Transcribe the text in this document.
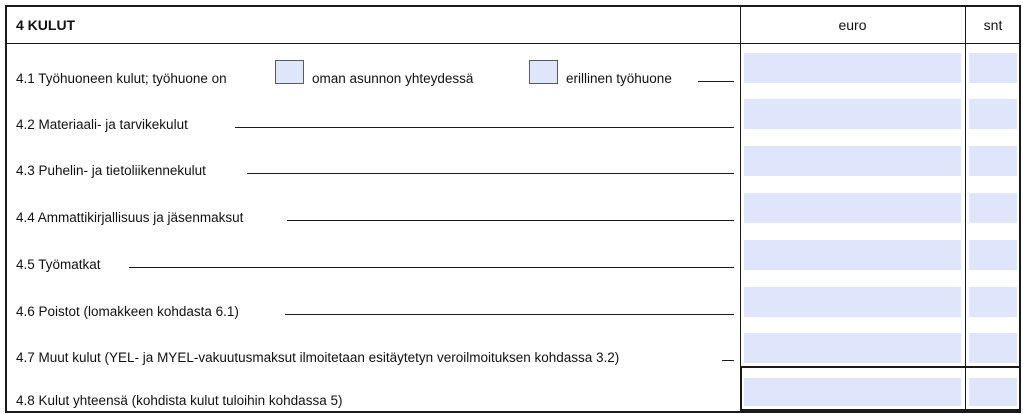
4 KULUT	euro	snt
4.1 Työhuoneen kulut; työhuone on	oman asunnon yhteydessä	erillinen työhuone
4.2 Materiaali- ja tarvikekulut
4.3 Puhelin- ja tietoliikennekulut
4.4 Ammattikirjallisuus ja jäsenmaksut
4.5 Työmatkat
4.6 Poistot (lomakkeen kohdasta 6.1)
4.7 Muut kulut (YEL- ja MYEL-vakuutusmaksut ilmoitetaan esitäytetyn veroilmoituksen kohdassa 3.2)
4.8 Kulut yhteensä (kohdista kulut tuloihin kohdassa 5)
